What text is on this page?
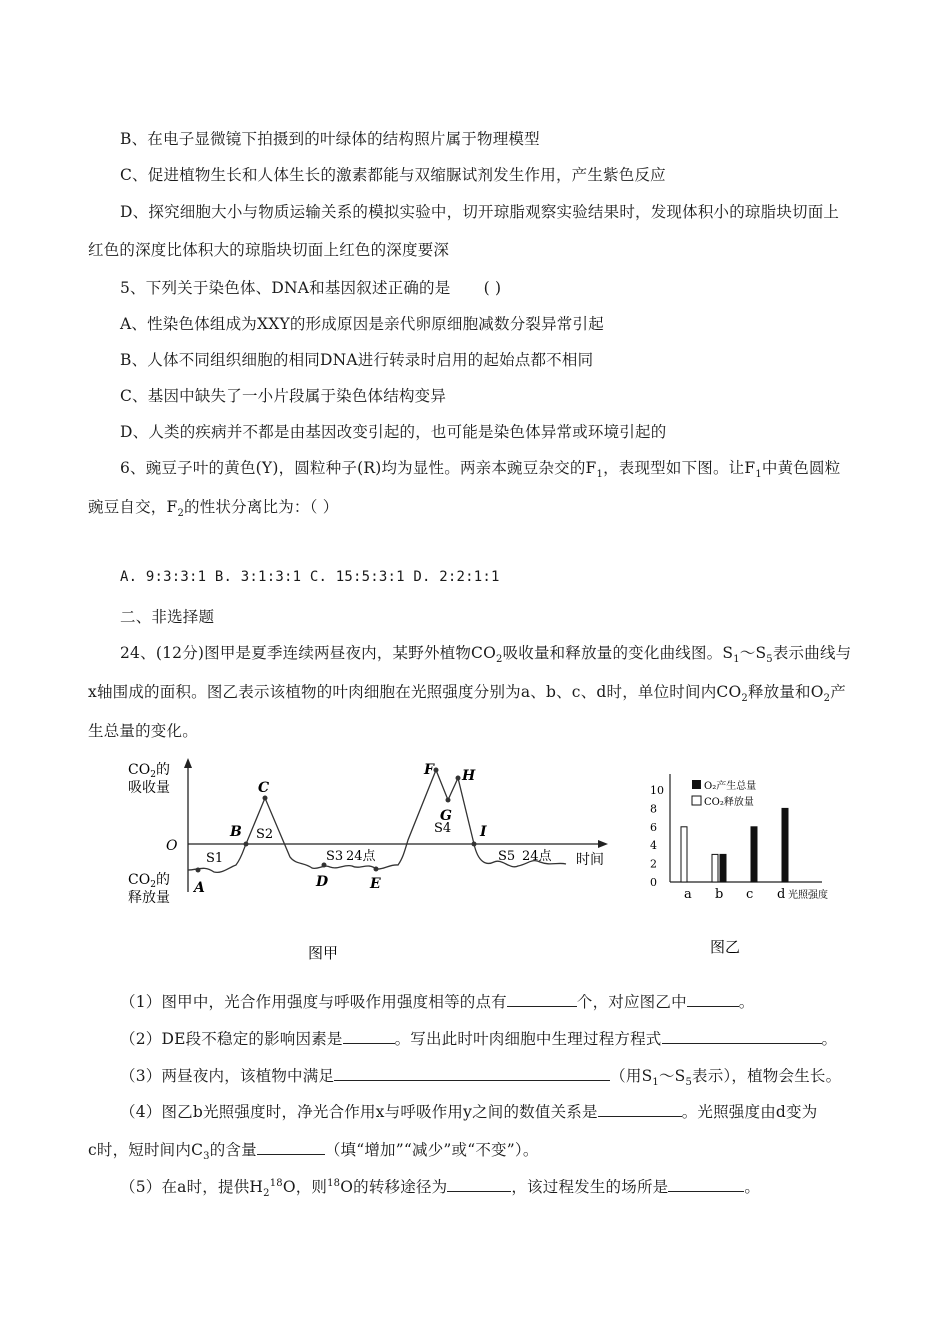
B、在电子显微镜下拍摄到的叶绿体的结构照片属于物理模型
C、促进植物生长和人体生长的激素都能与双缩脲试剂发生作用，产生紫色反应
D、探究细胞大小与物质运输关系的模拟实验中，切开琼脂观察实验结果时，发现体积小的琼脂块切面上
红色的深度比体积大的琼脂块切面上红色的深度要深
5、下列关于染色体、DNA和基因叙述正确的是 ( )
A、性染色体组成为XXY的形成原因是亲代卵原细胞减数分裂异常引起
B、人体不同组织细胞的相同DNA进行转录时启用的起始点都不相同
C、基因中缺失了一小片段属于染色体结构变异
D、人类的疾病并不都是由基因改变引起的，也可能是染色体异常或环境引起的
6、豌豆子叶的黄色(Y)，圆粒种子(R)均为显性。两亲本豌豆杂交的$F_1$，表现型如下图。让$F_1$中黄色圆粒
豌豆自交，$F_2$的性状分离比为：（ ）
A. 9:3:3:1 B. 3:1:3:1 C. 15:5:3:1 D. 2:2:1:1
二、非选择题
24、(12分)图甲是夏季连续两昼夜内，某野外植物$CO_2$吸收量和释放量的变化曲线图。$S_1\sim S_5$表示曲线与
x轴围成的面积。图乙表示该植物的叶肉细胞在光照强度分别为a、b、c、d时，单位时间内$CO_2$释放量和$O_2$产
生总量的变化。
$CO_2$的
吸收量
$CO_2$的
释放量
O
时间
A
B
C
D	E
F
G
H
I
S1
S2
S3
S4
S5
24点	24点
图甲
0
2
4
6
8
10
a b c d
O₂产生总量
CO₂释放量
光照强度
图乙
（1）图甲中，光合作用强度与呼吸作用强度相等的点有	个，对应图乙中	。
（2）DE段不稳定的影响因素是	。写出此时叶肉细胞中生理过程方程式	。
（3）两昼夜内，该植物中满足	（用$S_1\sim S_5$表示），植物会生长。
（4）图乙b光照强度时，净光合作用x与呼吸作用y之间的数值关系是	。光照强度由d变为
c时，短时间内$C_3$的含量	（填“增加”“减少”或“不变”）。
（5）在a时，提供$H_2^{18}O$，则$^{18}$O的转移途径为	，该过程发生的场所是	。
